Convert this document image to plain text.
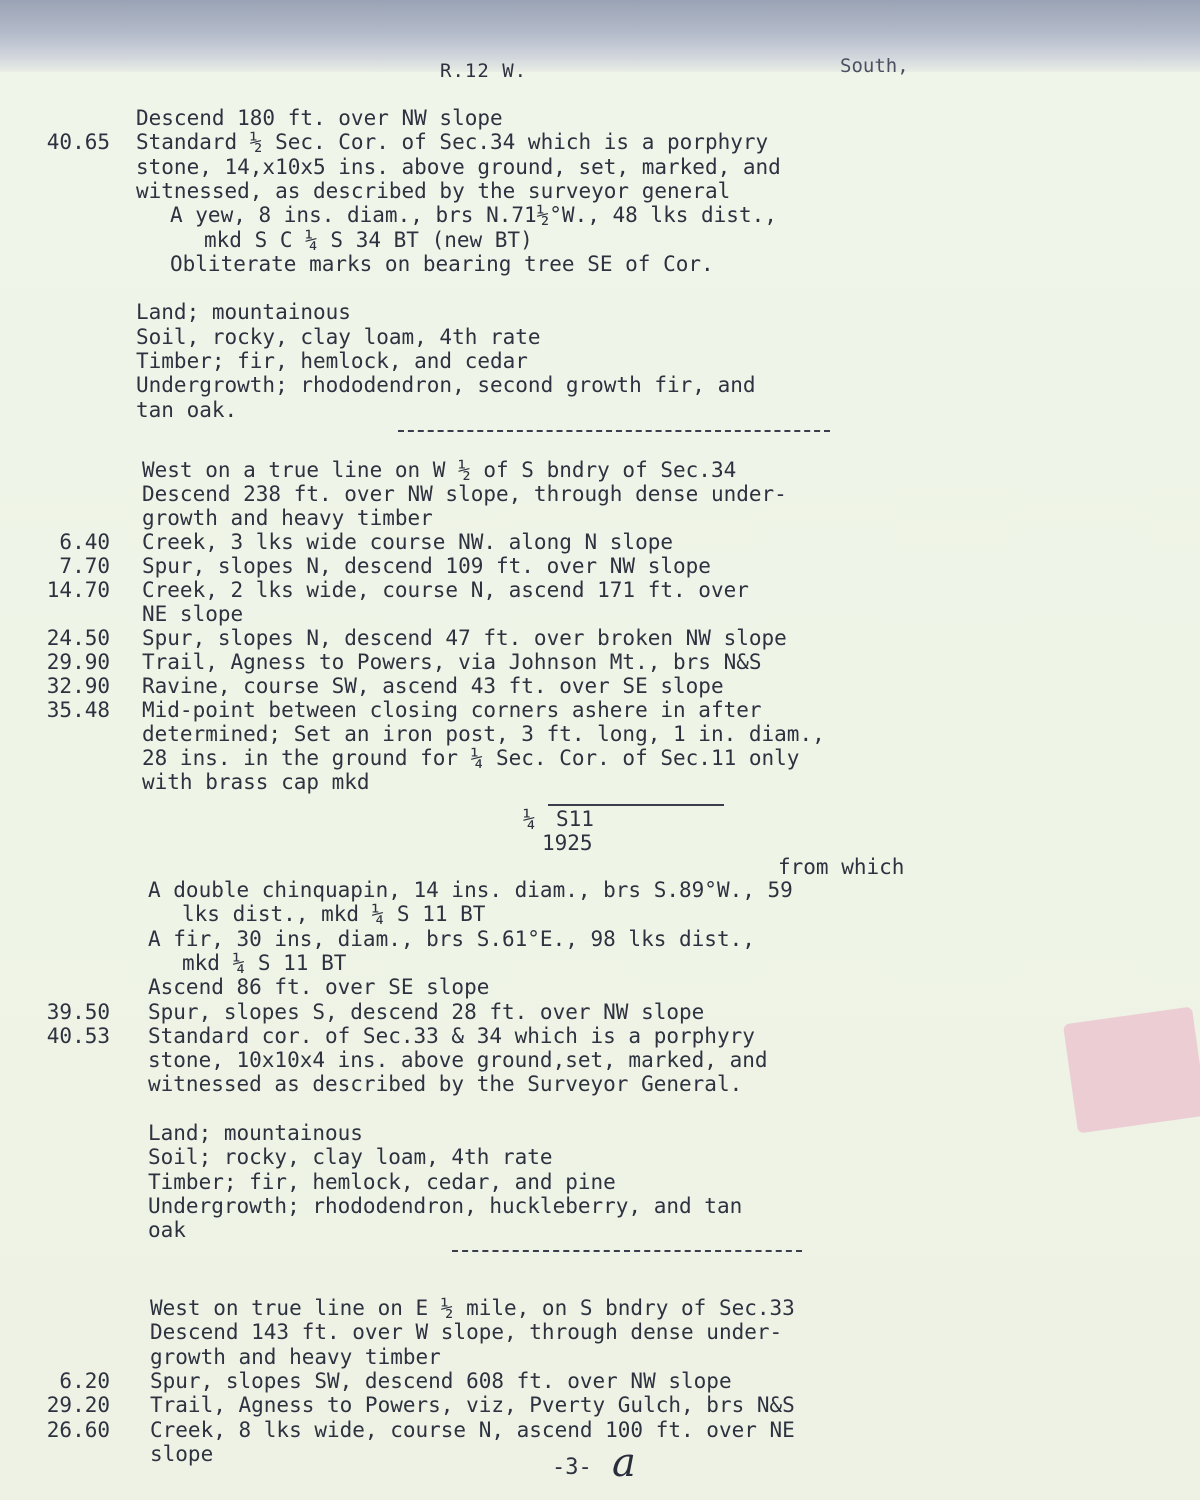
R.12 W.	South,
Descend 180 ft. over NW slope
40.65 Standard ½ Sec. Cor. of Sec.34 which is a porphyry
stone, 14,x10x5 ins. above ground, set, marked, and
witnessed, as described by the surveyor general
A yew, 8 ins. diam., brs N.71½°W., 48 lks dist.,
mkd S C ¼ S 34 BT (new BT)
Obliterate marks on bearing tree SE of Cor.
Land; mountainous
Soil, rocky, clay loam, 4th rate
Timber; fir, hemlock, and cedar
Undergrowth; rhododendron, second growth fir, and
tan oak.
West on a true line on W ½ of S bndry of Sec.34
Descend 238 ft. over NW slope, through dense under-
growth and heavy timber
6.40 Creek, 3 lks wide course NW. along N slope
7.70 Spur, slopes N, descend 109 ft. over NW slope
14.70 Creek, 2 lks wide, course N, ascend 171 ft. over
NE slope
24.50 Spur, slopes N, descend 47 ft. over broken NW slope
29.90 Trail, Agness to Powers, via Johnson Mt., brs N&S
32.90 Ravine, course SW, ascend 43 ft. over SE slope
35.48 Mid-point between closing corners ashere in after
determined; Set an iron post, 3 ft. long, 1 in. diam.,
28 ins. in the ground for ¼ Sec. Cor. of Sec.11 only
with brass cap mkd
¼ S11
1925
from which
A double chinquapin, 14 ins. diam., brs S.89°W., 59
lks dist., mkd ¼ S 11 BT
A fir, 30 ins, diam., brs S.61°E., 98 lks dist.,
mkd ¼ S 11 BT
Ascend 86 ft. over SE slope
39.50 Spur, slopes S, descend 28 ft. over NW slope
40.53 Standard cor. of Sec.33 & 34 which is a porphyry
stone, 10x10x4 ins. above ground,set, marked, and
witnessed as described by the Surveyor General.
Land; mountainous
Soil; rocky, clay loam, 4th rate
Timber; fir, hemlock, cedar, and pine
Undergrowth; rhododendron, huckleberry, and tan
oak
West on true line on E ½ mile, on S bndry of Sec.33
Descend 143 ft. over W slope, through dense under-
growth and heavy timber
6.20 Spur, slopes SW, descend 608 ft. over NW slope
29.20 Trail, Agness to Powers, viz, Pverty Gulch, brs N&S
26.60 Creek, 8 lks wide, course N, ascend 100 ft. over NE
slope
-3- a
